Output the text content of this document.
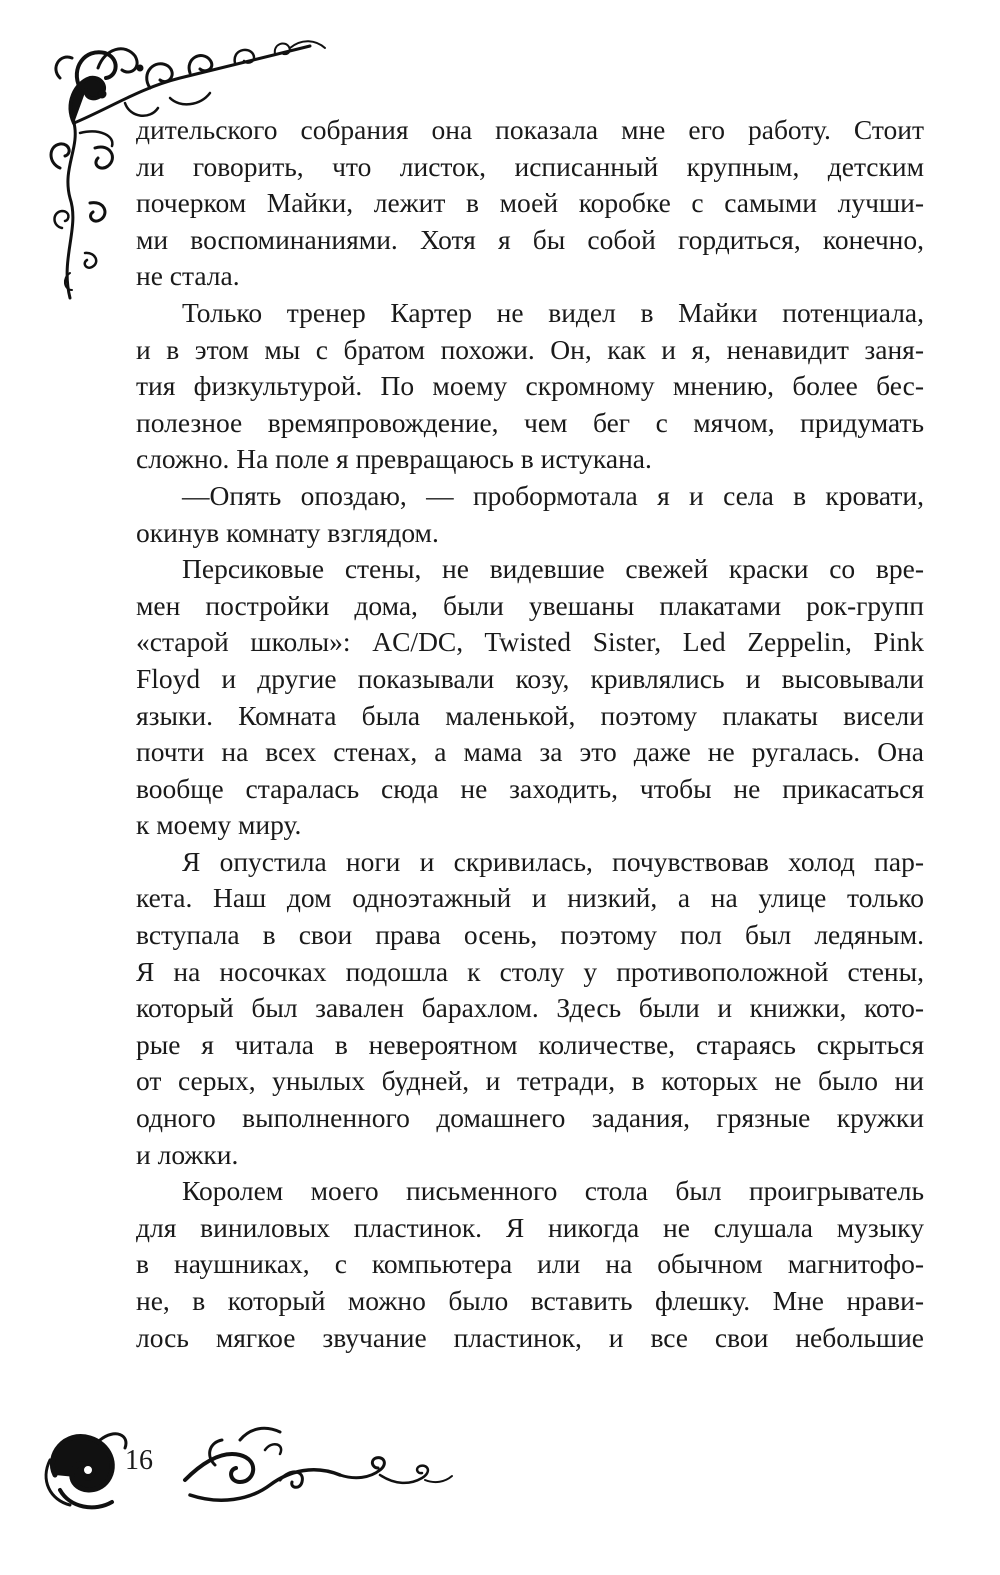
дительского собрания она показала мне его работу. Стоит
ли говорить, что листок, исписанный крупным, детским
почерком Майки, лежит в моей коробке с самыми лучши-
ми воспоминаниями. Хотя я бы собой гордиться, конечно,
не стала.
Только тренер Картер не видел в Майки потенциала,
и в этом мы с братом похожи. Он, как и я, ненавидит заня-
тия физкультурой. По моему скромному мнению, более бес-
полезное времяпровождение, чем бег с мячом, придумать
сложно. На поле я превращаюсь в истукана.
—Опять опоздаю, — пробормотала я и села в кровати,
окинув комнату взглядом.
Персиковые стены, не видевшие свежей краски со вре-
мен постройки дома, были увешаны плакатами рок-групп
«старой школы»: AC/DC, Twisted Sister, Led Zeppelin, Pink
Floyd и другие показывали козу, кривлялись и высовывали
языки. Комната была маленькой, поэтому плакаты висели
почти на всех стенах, а мама за это даже не ругалась. Она
вообще старалась сюда не заходить, чтобы не прикасаться
к моему миру.
Я опустила ноги и скривилась, почувствовав холод пар-
кета. Наш дом одноэтажный и низкий, а на улице только
вступала в свои права осень, поэтому пол был ледяным.
Я на носочках подошла к столу у противоположной стены,
который был завален барахлом. Здесь были и книжки, кото-
рые я читала в невероятном количестве, стараясь скрыться
от серых, унылых будней, и тетради, в которых не было ни
одного выполненного домашнего задания, грязные кружки
и ложки.
Королем моего письменного стола был проигрыватель
для виниловых пластинок. Я никогда не слушала музыку
в наушниках, с компьютера или на обычном магнитофо-
не, в который можно было вставить флешку. Мне нрави-
лось мягкое звучание пластинок, и все свои небольшие
16
